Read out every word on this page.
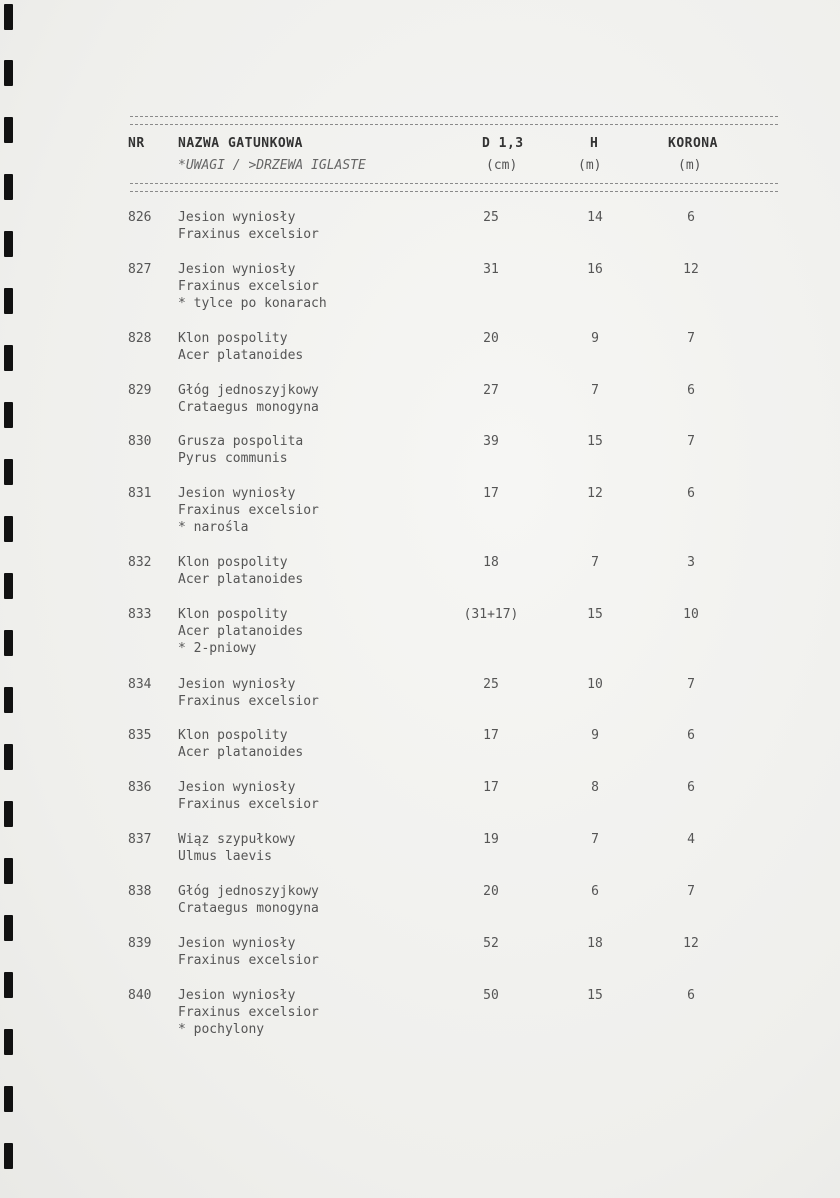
NR	NAZWA GATUNKOWA	D 1,3	H	KORONA
*UWAGI / >DRZEWA IGLASTE	(cm)	(m)	(m)
826 Jesion wyniosły
Fraxinus excelsior
25	14	6
827 Jesion wyniosły
Fraxinus excelsior
* tylce po konarach
31	16	12
828 Klon pospolity
Acer platanoides
20	9	7
829 Głóg jednoszyjkowy
Crataegus monogyna
27	7	6
830 Grusza pospolita
Pyrus communis
39	15	7
831 Jesion wyniosły
Fraxinus excelsior
* narośla
17	12	6
832 Klon pospolity
Acer platanoides
18	7	3
833 Klon pospolity
Acer platanoides
* 2-pniowy
(31+17)	15	10
834 Jesion wyniosły
Fraxinus excelsior
25	10	7
835 Klon pospolity
Acer platanoides
17	9	6
836 Jesion wyniosły
Fraxinus excelsior
17	8	6
837 Wiąz szypułkowy
Ulmus laevis
19	7	4
838 Głóg jednoszyjkowy
Crataegus monogyna
20	6	7
839 Jesion wyniosły
Fraxinus excelsior
52	18	12
840 Jesion wyniosły
Fraxinus excelsior
* pochylony
50	15	6
